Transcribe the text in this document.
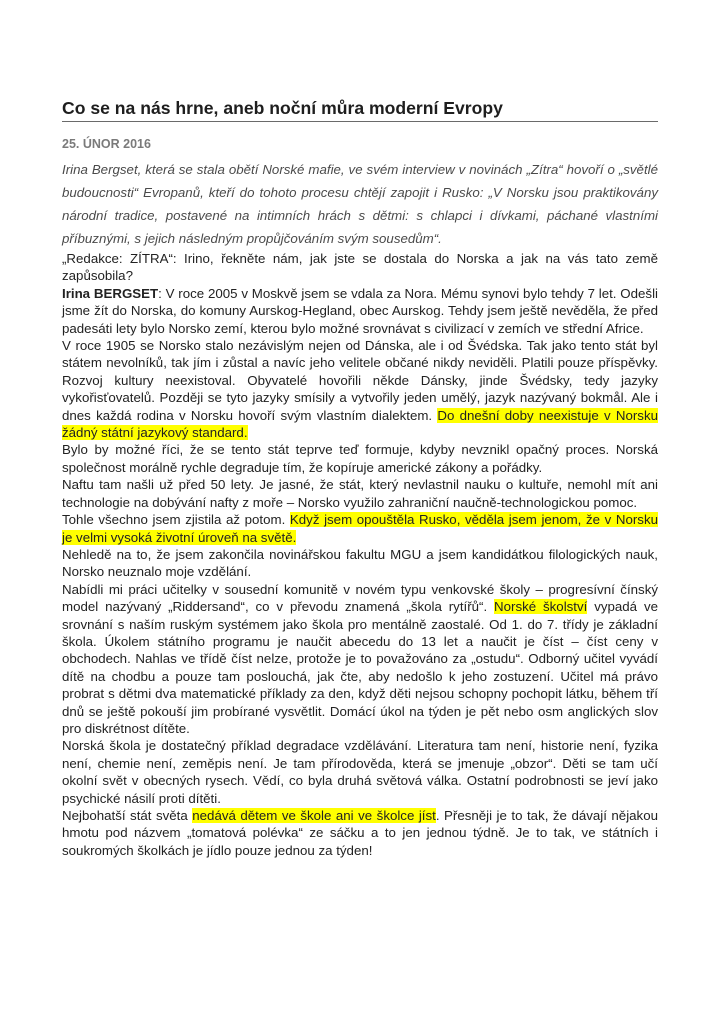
Co se na nás hrne, aneb noční můra moderní Evropy
25. ÚNOR 2016
Irina Bergset, která se stala obětí Norské mafie, ve svém interview v novinách „Zítra“ hovoří o „světlé budoucnosti“ Evropanů, kteří do tohoto procesu chtějí zapojit i Rusko: „V Norsku jsou praktikovány národní tradice, postavené na intimních hrách s dětmi: s chlapci i dívkami, páchané vlastními příbuznými, s jejich následným propůjčováním svým sousedům“.

„Redakce: ZÍTRA“: Irino, řekněte nám, jak jste se dostala do Norska a jak na vás tato země zapůsobila?

Irina BERGSET: V roce 2005 v Moskvě jsem se vdala za Nora. Mému synovi bylo tehdy 7 let. Odešli jsme žít do Norska, do komuny Aurskog-Hegland, obec Aurskog. Tehdy jsem ještě nevěděla, že před padesáti lety bylo Norsko zemí, kterou bylo možné srovnávat s civilizací v zemích ve střední Africe.

V roce 1905 se Norsko stalo nezávislým nejen od Dánska, ale i od Švédska. Tak jako tento stát byl státem nevolníků, tak jím i zůstal a navíc jeho velitele občané nikdy neviděli. Platili pouze příspěvky. Rozvoj kultury neexistoval. Obyvatelé hovořili někde Dánsky, jinde Švédsky, tedy jazyky vykořisťovatelů. Později se tyto jazyky smísily a vytvořily jeden umělý, jazyk nazývaný bokmål. Ale i dnes každá rodina v Norsku hovoří svým vlastním dialektem. Do dnešní doby neexistuje v Norsku žádný státní jazykový standard.

Bylo by možné říci, že se tento stát teprve teď formuje, kdyby nevznikl opačný proces. Norská společnost morálně rychle degraduje tím, že kopíruje americké zákony a pořádky.

Naftu tam našli už před 50 lety. Je jasné, že stát, který nevlastnil nauku o kultuře, nemohl mít ani technologie na dobývání nafty z moře – Norsko využilo zahraniční naučně-technologickou pomoc.

Tohle všechno jsem zjistila až potom. Když jsem opouštěla Rusko, věděla jsem jenom, že v Norsku je velmi vysoká životní úroveň na světě.

Nehledě na to, že jsem zakončila novinářskou fakultu MGU a jsem kandidátkou filologických nauk, Norsko neuznalo moje vzdělání.

Nabídli mi práci učitelky v sousední komunitě v novém typu venkovské školy – progresívní čínský model nazývaný „Riddersand“, co v převodu znamená „škola rytířů“. Norské školství vypadá ve srovnání s naším ruským systémem jako škola pro mentálně zaostalé. Od 1. do 7. třídy je základní škola. Úkolem státního programu je naučit abecedu do 13 let a naučit je číst – číst ceny v obchodech. Nahlas ve třídě číst nelze, protože je to považováno za „ostudu“. Odborný učitel vyvádí dítě na chodbu a pouze tam poslouchá, jak čte, aby nedošlo k jeho zostuzení. Učitel má právo probrat s dětmi dva matematické příklady za den, když děti nejsou schopny pochopit látku, během tří dnů se ještě pokouší jim probírané vysvětlit. Domácí úkol na týden je pět nebo osm anglických slov pro diskrétnost dítěte.

Norská škola je dostatečný příklad degradace vzdělávání. Literatura tam není, historie není, fyzika není, chemie není, zeměpis není. Je tam přírodověda, která se jmenuje „obzor“. Děti se tam učí okolní svět v obecných rysech. Vědí, co byla druhá světová válka. Ostatní podrobnosti se jeví jako psychické násilí proti dítěti.

Nejbohatší stát světa nedává dětem ve škole ani ve školce jíst. Přesněji je to tak, že dávají nějakou hmotu pod názvem „tomatová polévka“ ze sáčku a to jen jednou týdně. Je to tak, ve státních i soukromých školkách je jídlo pouze jednou za týden!
